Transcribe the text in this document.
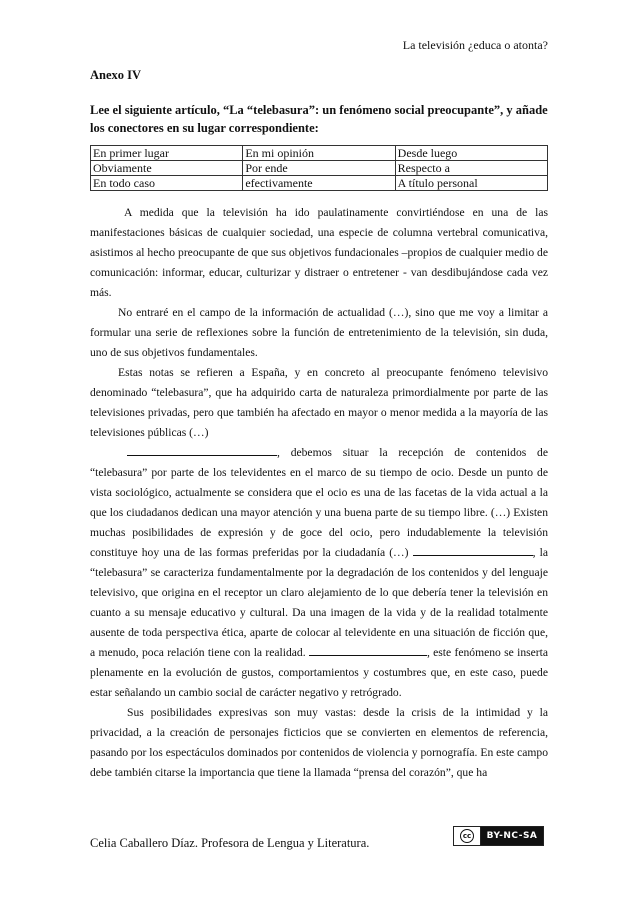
La televisión ¿educa o atonta?
Anexo IV
Lee el siguiente artículo, “La “telebasura”: un fenómeno social preocupante”, y añade los conectores en su lugar correspondiente:
En primer lugar	En mi opinión	Desde luego
Obviamente	Por ende	Respecto a
En todo caso	efectivamente	A título personal

A medida que la televisión ha ido paulatinamente convirtiéndose en una de las manifestaciones básicas de cualquier sociedad, una especie de columna vertebral comunicativa, asistimos al hecho preocupante de que sus objetivos fundacionales –propios de cualquier medio de comunicación: informar, educar, culturizar y distraer o entretener - van desdibujándose cada vez más.

No entraré en el campo de la información de actualidad (…), sino que me voy a limitar a formular una serie de reflexiones sobre la función de entretenimiento de la televisión, sin duda, uno de sus objetivos fundamentales.

Estas notas se refieren a España, y en concreto al preocupante fenómeno televisivo denominado “telebasura”, que ha adquirido carta de naturaleza primordialmente por parte de las televisiones privadas, pero que también ha afectado en mayor o menor medida a la mayoría de las televisiones públicas (…)

, debemos situar la recepción de contenidos de “telebasura” por parte de los televidentes en el marco de su tiempo de ocio. Desde un punto de vista sociológico, actualmente se considera que el ocio es una de las facetas de la vida actual a la que los ciudadanos dedican una mayor atención y una buena parte de su tiempo libre. (…) Existen muchas posibilidades de expresión y de goce del ocio, pero indudablemente la televisión constituye hoy una de las formas preferidas por la ciudadanía (…)	, la “telebasura” se caracteriza fundamentalmente por la degradación de los contenidos y del lenguaje televisivo, que origina en el receptor un claro alejamiento de lo que debería tener la televisión en cuanto a su mensaje educativo y cultural. Da una imagen de la vida y de la realidad totalmente ausente de toda perspectiva ética, aparte de colocar al televidente en una situación de ficción que, a menudo, poca relación tiene con la realidad.	, este fenómeno se inserta plenamente en la evolución de gustos, comportamientos y costumbres que, en este caso, puede estar señalando un cambio social de carácter negativo y retrógrado.

Sus posibilidades expresivas son muy vastas: desde la crisis de la intimidad y la privacidad, a la creación de personajes ficticios que se convierten en elementos de referencia, pasando por los espectáculos dominados por contenidos de violencia y pornografía. En este campo debe también citarse la importancia que tiene la llamada “prensa del corazón”, que ha

Celia Caballero Díaz. Profesora de Lengua y Literatura.	cc	BY-NC-SA
